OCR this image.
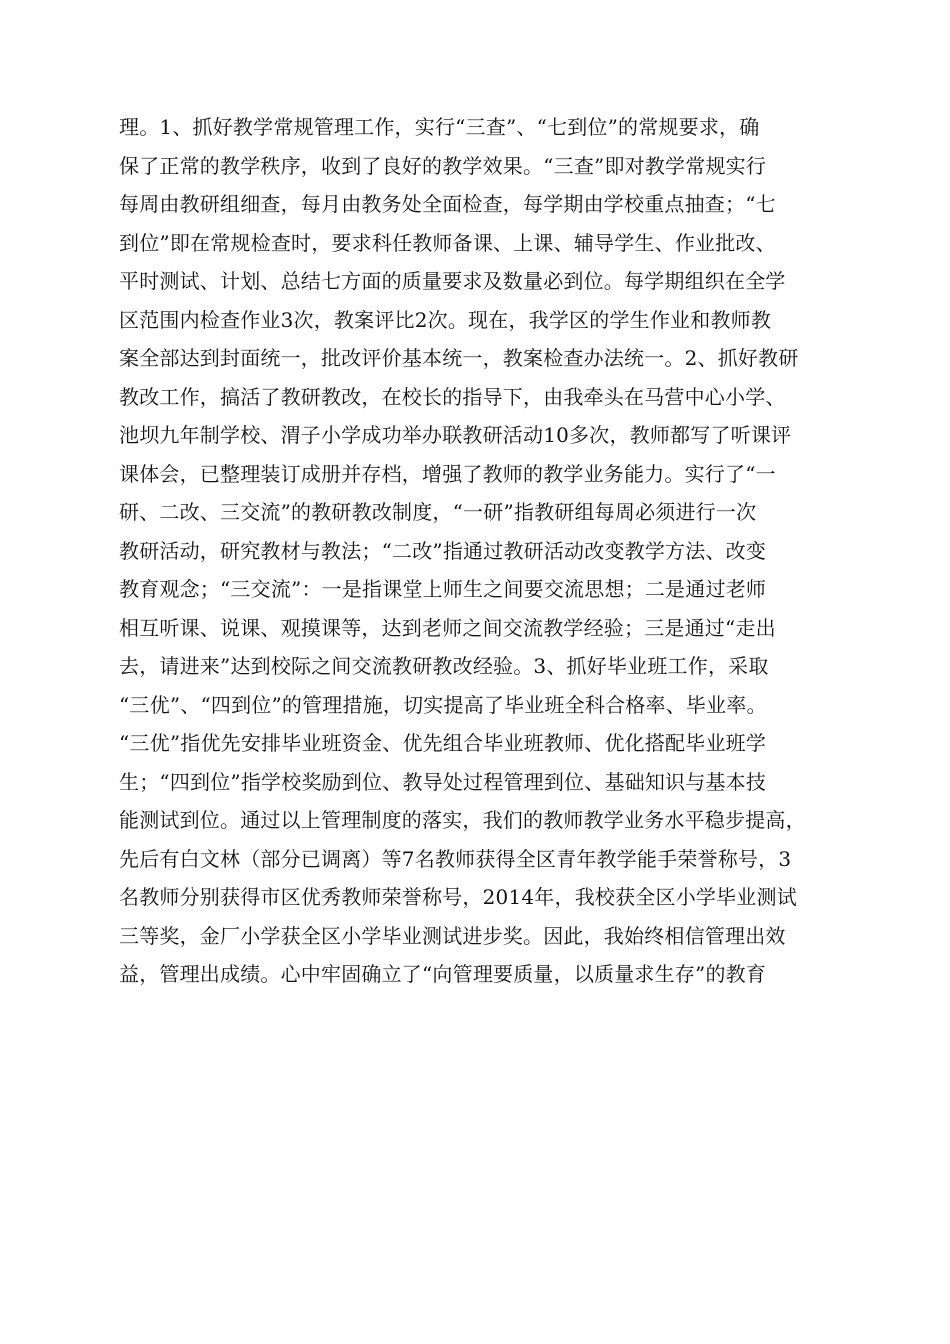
理。1、抓好教学常规管理工作，实行“三查”、“七到位”的常规要求，确
保了正常的教学秩序，收到了良好的教学效果。“三查”即对教学常规实行
每周由教研组细查，每月由教务处全面检查，每学期由学校重点抽查；“七
到位”即在常规检查时，要求科任教师备课、上课、辅导学生、作业批改、
平时测试、计划、总结七方面的质量要求及数量必到位。每学期组织在全学
区范围内检查作业3次，教案评比2次。现在，我学区的学生作业和教师教
案全部达到封面统一，批改评价基本统一，教案检查办法统一。2、抓好教研
教改工作，搞活了教研教改，在校长的指导下，由我牵头在马营中心小学、
池坝九年制学校、渭子小学成功举办联教研活动10多次，教师都写了听课评
课体会，已整理装订成册并存档，增强了教师的教学业务能力。实行了“一
研、二改、三交流”的教研教改制度，“一研”指教研组每周必须进行一次
教研活动，研究教材与教法；“二改”指通过教研活动改变教学方法、改变
教育观念；“三交流”：一是指课堂上师生之间要交流思想；二是通过老师
相互听课、说课、观摸课等，达到老师之间交流教学经验；三是通过“走出
去，请进来”达到校际之间交流教研教改经验。3、抓好毕业班工作，采取
“三优”、“四到位”的管理措施，切实提高了毕业班全科合格率、毕业率。
“三优”指优先安排毕业班资金、优先组合毕业班教师、优化搭配毕业班学
生；“四到位”指学校奖励到位、教导处过程管理到位、基础知识与基本技
能测试到位。通过以上管理制度的落实，我们的教师教学业务水平稳步提高，
先后有白文林（部分已调离）等7名教师获得全区青年教学能手荣誉称号，3
名教师分别获得市区优秀教师荣誉称号，2014年，我校获全区小学毕业测试
三等奖，金厂小学获全区小学毕业测试进步奖。因此，我始终相信管理出效
益，管理出成绩。心中牢固确立了“向管理要质量，以质量求生存”的教育
